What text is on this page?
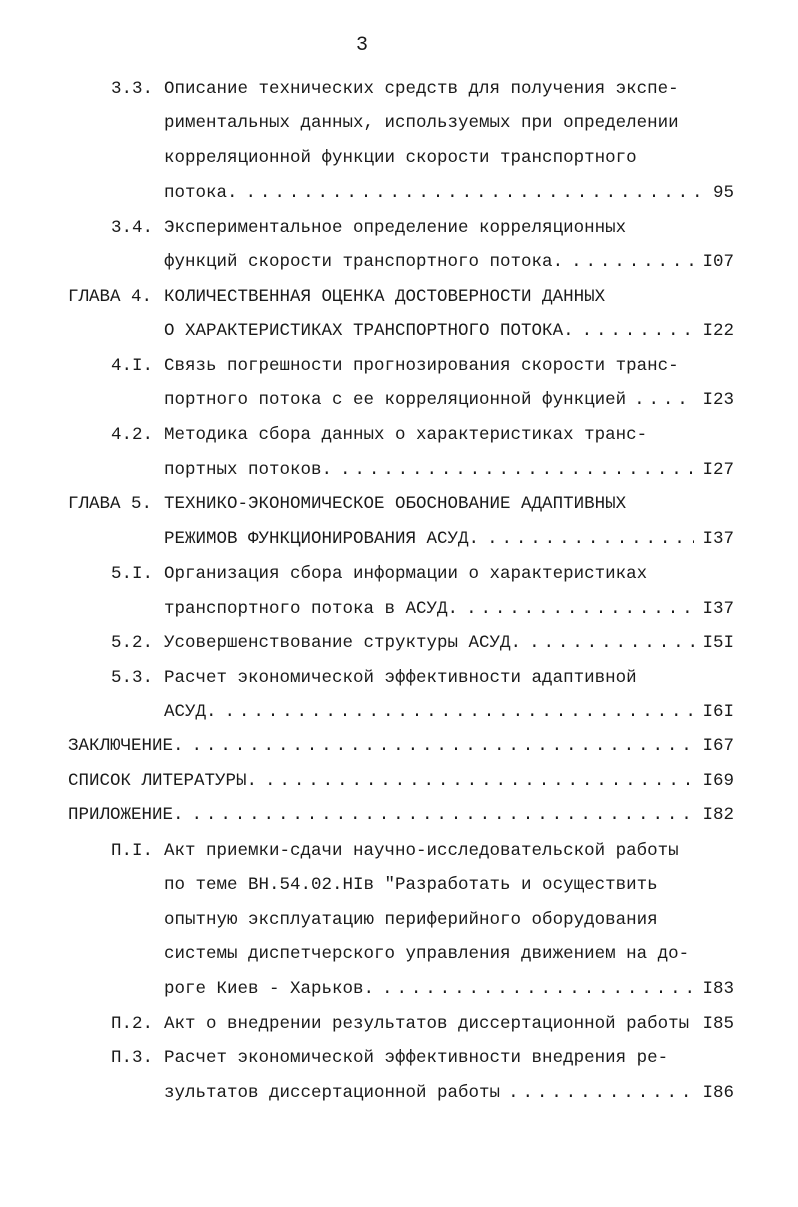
3
3.3. Описание технических средств для получения экспе-
риментальных данных, используемых при определении
корреляционной функции скорости транспортного
потока.	95
. . .
3.4. Экспериментальное определение корреляционных
функций скорости транспортного потока.	I07
. . .
ГЛАВА 4. КОЛИЧЕСТВЕННАЯ ОЦЕНКА ДОСТОВЕРНОСТИ ДАННЫХ
О ХАРАКТЕРИСТИКАХ ТРАНСПОРТНОГО ПОТОКА.	I22
. . .
4.I. Связь погрешности прогнозирования скорости транс-
портного потока с ее корреляционной функцией	I23
. . .
4.2. Методика сбора данных о характеристиках транс-
портных потоков.	I27
. . .
ГЛАВА 5. ТЕХНИКО-ЭКОНОМИЧЕСКОЕ ОБОСНОВАНИЕ АДАПТИВНЫХ
РЕЖИМОВ ФУНКЦИОНИРОВАНИЯ АСУД.	I37
. . .
5.I. Организация сбора информации о характеристиках
транспортного потока в АСУД.	I37
. . .
5.2. Усовершенствование структуры АСУД.	I5I
. . .
5.3. Расчет экономической эффективности адаптивной
АСУД.	I6I
. . .
ЗАКЛЮЧЕНИЕ.	I67
. . .
СПИСОК ЛИТЕРАТУРЫ.	I69
. . .
ПРИЛОЖЕНИЕ.	I82
. . .
П.I. Акт приемки-сдачи научно-исследовательской работы
по теме ВН.54.02.НIв "Разработать и осуществить
опытную эксплуатацию периферийного оборудования
системы диспетчерского управления движением на до-
роге Киев - Харьков.	I83
. . .
П.2. Акт о внедрении результатов диссертационной работы I85
П.3. Расчет экономической эффективности внедрения ре-
зультатов диссертационной работы	I86
. . .
